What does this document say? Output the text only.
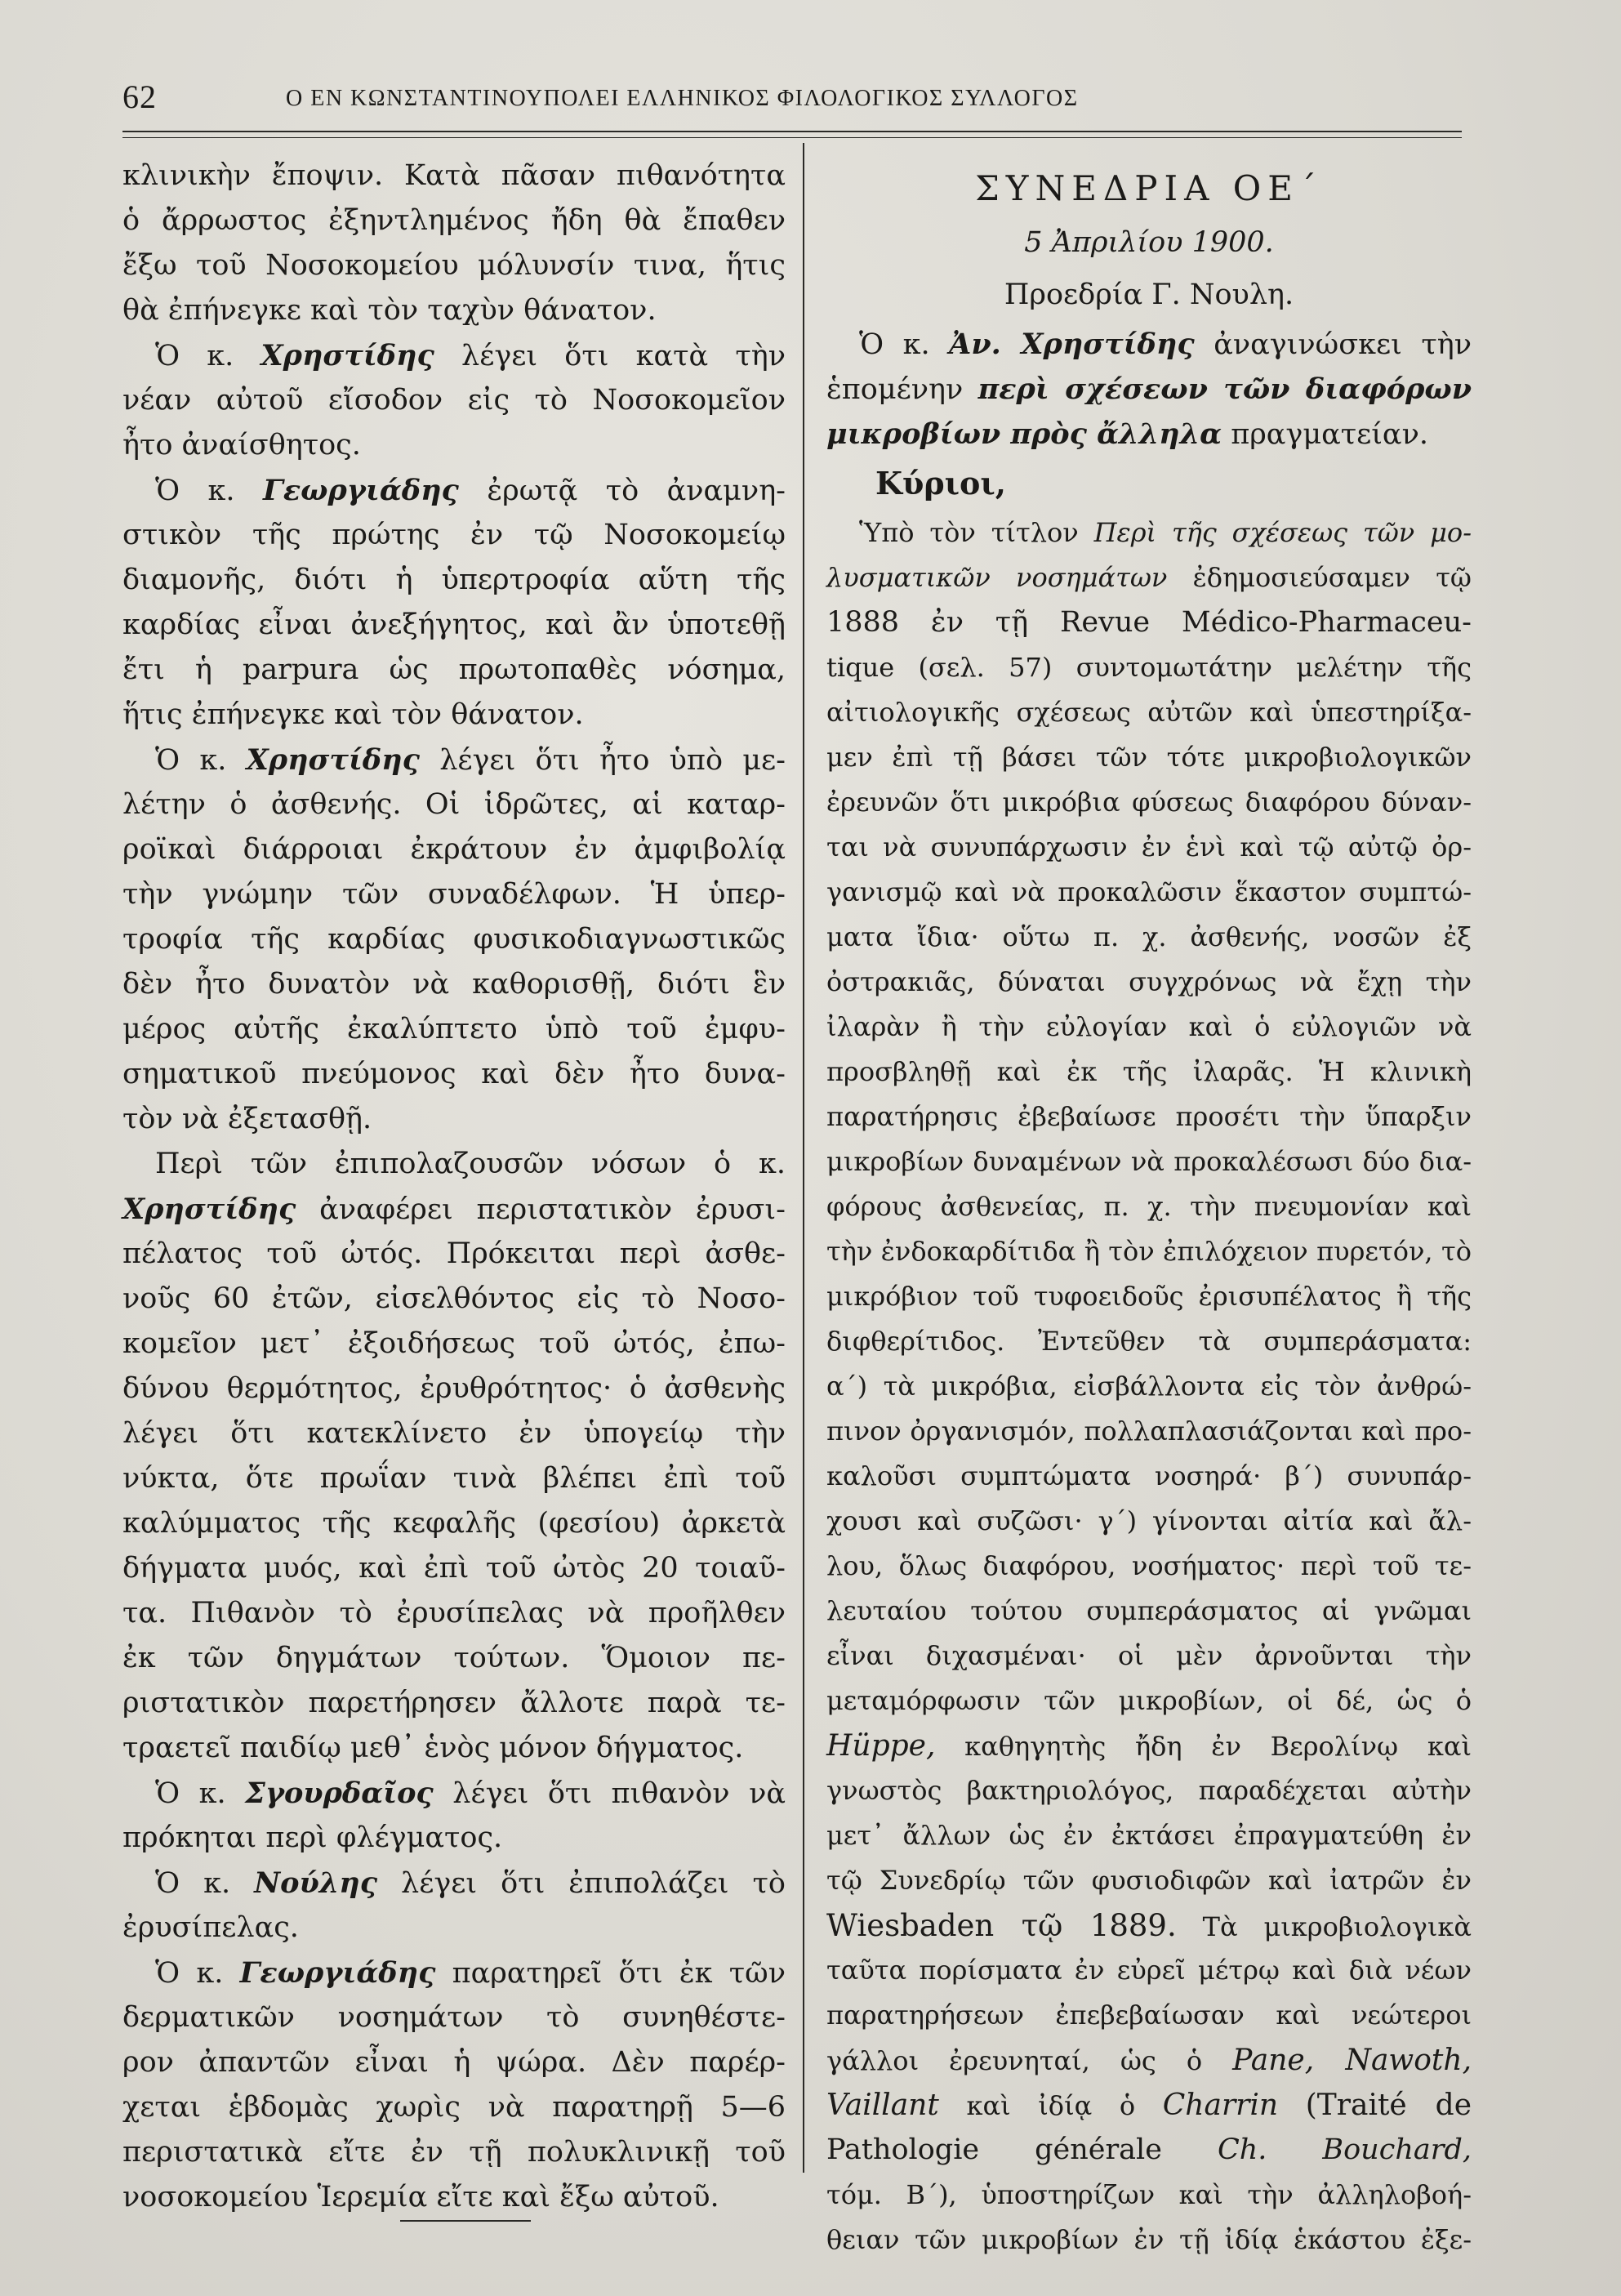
62	Ο ΕΝ ΚΩΝΣΤΑΝΤΙΝΟΥΠΟΛΕΙ ΕΛΛΗΝΙΚΟΣ ΦΙΛΟΛΟΓΙΚΟΣ ΣΥΛΛΟΓΟΣ
κλινικὴν ἔποψιν. Κατὰ πᾶσαν πιθανότητα
ὁ ἄρρωστος ἐξηντλημένος ἤδη θὰ ἔπαθεν
ἔξω τοῦ Νοσοκομείου μόλυνσίν τινα, ἥτις
θὰ ἐπήνεγκε καὶ τὸν ταχὺν θάνατον.
Ὁ κ. Χρηστίδης λέγει ὅτι κατὰ τὴν
νέαν αὐτοῦ εἴσοδον εἰς τὸ Νοσοκομεῖον
ἦτο ἀναίσθητος.
Ὁ κ. Γεωργιάδης ἐρωτᾷ τὸ ἀναμνη-
στικὸν τῆς πρώτης ἐν τῷ Νοσοκομείῳ
διαμονῆς, διότι ἡ ὑπερτροφία αὕτη τῆς
καρδίας εἶναι ἀνεξήγητος, καὶ ἂν ὑποτεθῇ
ἔτι ἡ parpura ὡς πρωτοπαθὲς νόσημα,
ἥτις ἐπήνεγκε καὶ τὸν θάνατον.
Ὁ κ. Χρηστίδης λέγει ὅτι ἦτο ὑπὸ με-
λέτην ὁ ἀσθενής. Οἱ ἱδρῶτες, αἱ καταρ-
ροϊκαὶ διάρροιαι ἐκράτουν ἐν ἀμφιβολίᾳ
τὴν γνώμην τῶν συναδέλφων. Ἡ ὑπερ-
τροφία τῆς καρδίας φυσικοδιαγνωστικῶς
δὲν ἦτο δυνατὸν νὰ καθορισθῇ, διότι ἓν
μέρος αὐτῆς ἐκαλύπτετο ὑπὸ τοῦ ἐμφυ-
σηματικοῦ πνεύμονος καὶ δὲν ἦτο δυνα-
τὸν νὰ ἐξετασθῇ.
Περὶ τῶν ἐπιπολαζουσῶν νόσων ὁ κ.
Χρηστίδης ἀναφέρει περιστατικὸν ἐρυσι-
πέλατος τοῦ ὠτός. Πρόκειται περὶ ἀσθε-
νοῦς 60 ἐτῶν, εἰσελθόντος εἰς τὸ Νοσο-
κομεῖον μετ᾽ ἐξοιδήσεως τοῦ ὠτός, ἐπω-
δύνου θερμότητος, ἐρυθρότητος· ὁ ἀσθενὴς
λέγει ὅτι κατεκλίνετο ἐν ὑπογείῳ τὴν
νύκτα, ὅτε πρωΐαν τινὰ βλέπει ἐπὶ τοῦ
καλύμματος τῆς κεφαλῆς (φεσίου) ἀρκετὰ
δήγματα μυός, καὶ ἐπὶ τοῦ ὠτὸς 20 τοιαῦ-
τα. Πιθανὸν τὸ ἐρυσίπελας νὰ προῆλθεν
ἐκ τῶν δηγμάτων τούτων. Ὅμοιον πε-
ριστατικὸν παρετήρησεν ἄλλοτε παρὰ τε-
τραετεῖ παιδίῳ μεθ᾽ ἑνὸς μόνον δήγματος.
Ὁ κ. Σγουρδαῖος λέγει ὅτι πιθανὸν νὰ
πρόκηται περὶ φλέγματος.
Ὁ κ. Νούλης λέγει ὅτι ἐπιπολάζει τὸ
ἐρυσίπελας.
Ὁ κ. Γεωργιάδης παρατηρεῖ ὅτι ἐκ τῶν
δερματικῶν νοσημάτων τὸ συνηθέστε-
ρον ἀπαντῶν εἶναι ἡ ψώρα. Δὲν παρέρ-
χεται ἑβδομὰς χωρὶς νὰ παρατηρῇ 5—6
περιστατικὰ εἴτε ἐν τῇ πολυκλινικῇ τοῦ
νοσοκομείου Ἱερεμία εἴτε καὶ ἔξω αὐτοῦ.
ΣΥΝΕΔΡΙΑ ΟΕ΄
5 Ἀπριλίου 1900.
Προεδρία Γ. Νουλη.
Ὁ κ. Ἀν. Χρηστίδης ἀναγινώσκει τὴν
ἑπομένην περὶ σχέσεων τῶν διαφόρων
μικροβίων πρὸς ἄλληλα πραγματείαν.
Κύριοι,
Ὑπὸ τὸν τίτλον Περὶ τῆς σχέσεως τῶν μο-
λυσματικῶν νοσημάτων ἐδημοσιεύσαμεν τῷ
1888 ἐν τῇ Revue Médico-Pharmaceu-
tique (σελ. 57) συντομωτάτην μελέτην τῆς
αἰτιολογικῆς σχέσεως αὐτῶν καὶ ὑπεστηρίξα-
μεν ἐπὶ τῇ βάσει τῶν τότε μικροβιολογικῶν
ἐρευνῶν ὅτι μικρόβια φύσεως διαφόρου δύναν-
ται νὰ συνυπάρχωσιν ἐν ἑνὶ καὶ τῷ αὐτῷ ὀρ-
γανισμῷ καὶ νὰ προκαλῶσιν ἕκαστον συμπτώ-
ματα ἴδια· οὕτω π. χ. ἀσθενής, νοσῶν ἐξ
ὀστρακιᾶς, δύναται συγχρόνως νὰ ἔχῃ τὴν
ἰλαρὰν ἢ τὴν εὐλογίαν καὶ ὁ εὐλογιῶν νὰ
προσβληθῇ καὶ ἐκ τῆς ἰλαρᾶς. Ἡ κλινικὴ
παρατήρησις ἐβεβαίωσε προσέτι τὴν ὕπαρξιν
μικροβίων δυναμένων νὰ προκαλέσωσι δύο δια-
φόρους ἀσθενείας, π. χ. τὴν πνευμονίαν καὶ
τὴν ἐνδοκαρδίτιδα ἢ τὸν ἐπιλόχειον πυρετόν, τὸ
μικρόβιον τοῦ τυφοειδοῦς ἐρισυπέλατος ἢ τῆς
διφθερίτιδος. Ἐντεῦθεν τὰ συμπεράσματα:
α΄) τὰ μικρόβια, εἰσβάλλοντα εἰς τὸν ἀνθρώ-
πινον ὀργανισμόν, πολλαπλασιάζονται καὶ προ-
καλοῦσι συμπτώματα νοσηρά· β΄) συνυπάρ-
χουσι καὶ συζῶσι· γ΄) γίνονται αἰτία καὶ ἄλ-
λου, ὅλως διαφόρου, νοσήματος· περὶ τοῦ τε-
λευταίου τούτου συμπεράσματος αἱ γνῶμαι
εἶναι διχασμέναι· οἱ μὲν ἀρνοῦνται τὴν
μεταμόρφωσιν τῶν μικροβίων, οἱ δέ, ὡς ὁ
Hüppe, καθηγητὴς ἤδη ἐν Βερολίνῳ καὶ
γνωστὸς βακτηριολόγος, παραδέχεται αὐτὴν
μετ᾽ ἄλλων ὡς ἐν ἐκτάσει ἐπραγματεύθη ἐν
τῷ Συνεδρίῳ τῶν φυσιοδιφῶν καὶ ἰατρῶν ἐν
Wiesbaden τῷ 1889. Τὰ μικροβιολογικὰ
ταῦτα πορίσματα ἐν εὐρεῖ μέτρῳ καὶ διὰ νέων
παρατηρήσεων ἐπεβεβαίωσαν καὶ νεώτεροι
γάλλοι ἐρευνηταί, ὡς ὁ Pane, Nawoth,
Vaillant καὶ ἰδίᾳ ὁ Charrin (Traité de
Pathologie générale Ch. Bouchard,
τόμ. Β΄), ὑποστηρίζων καὶ τὴν ἀλληλοβοή-
θειαν τῶν μικροβίων ἐν τῇ ἰδίᾳ ἑκάστου ἐξε-
